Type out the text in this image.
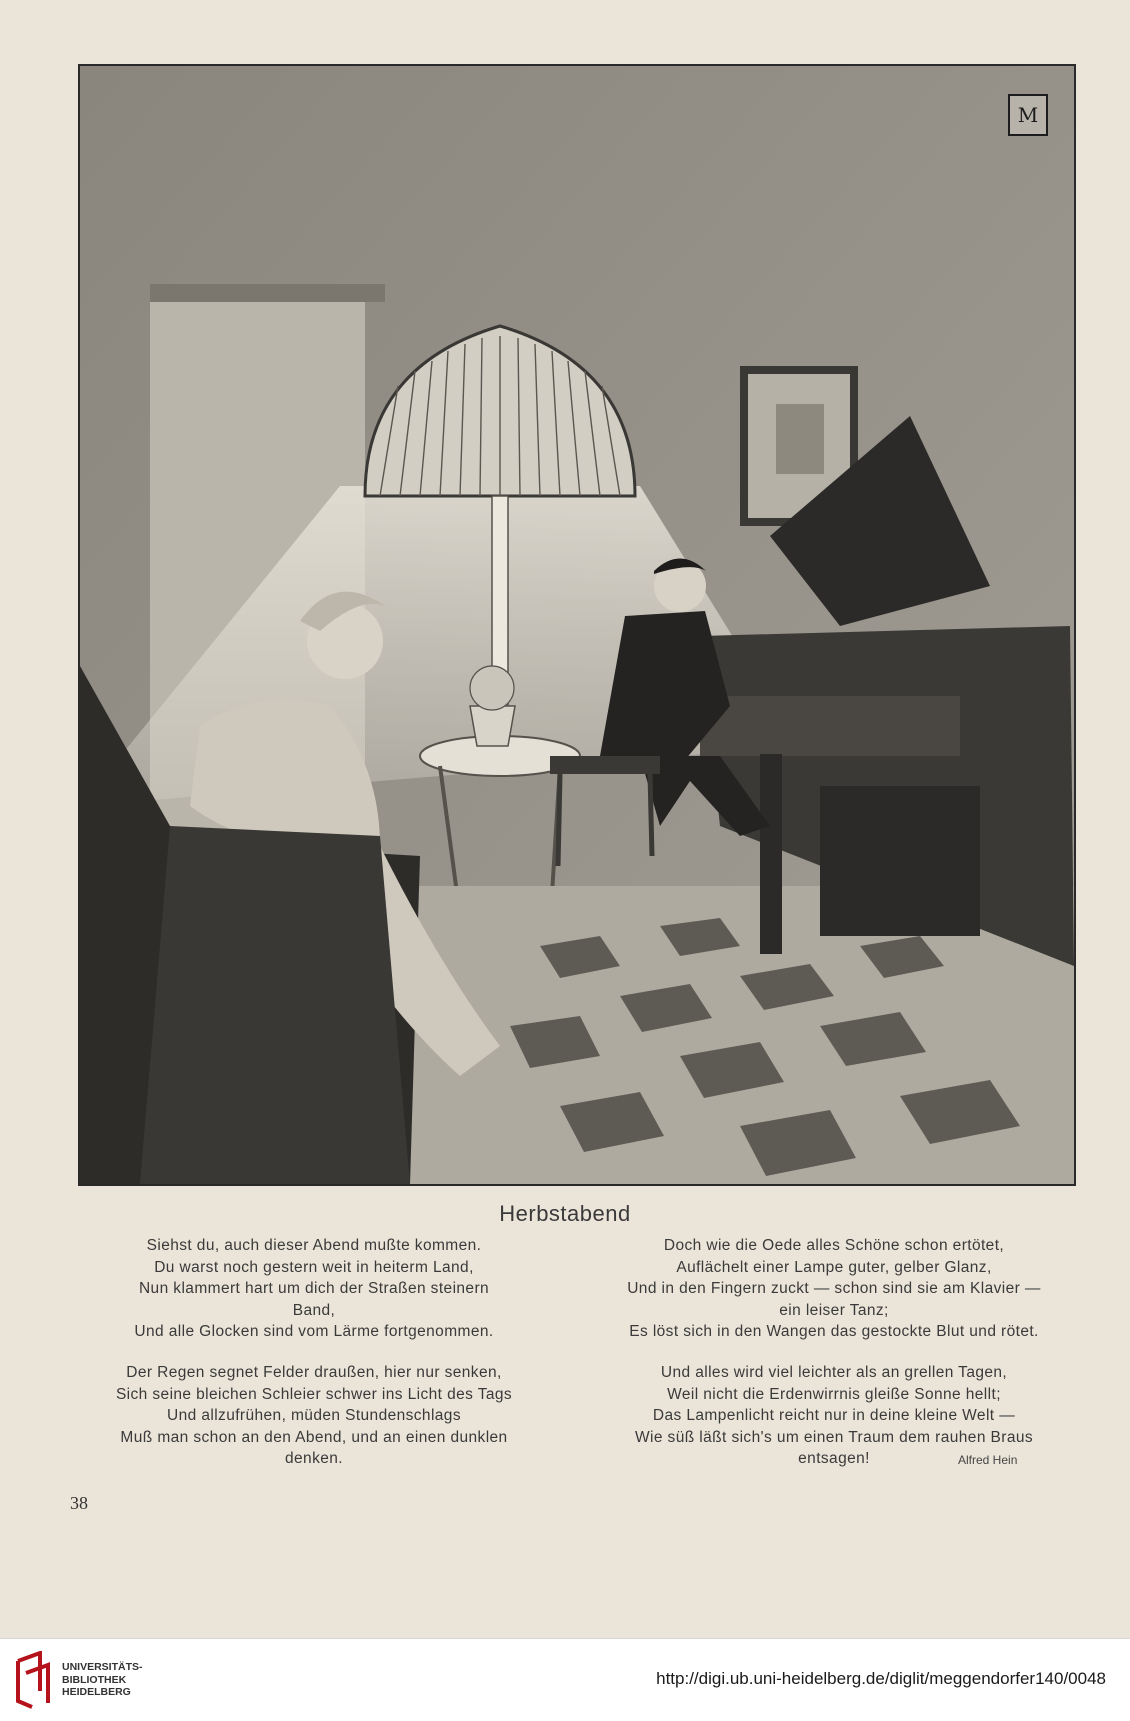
M
Herbstabend
Siehst du, auch dieser Abend mußte kommen.
Du warst noch gestern weit in heiterm Land,
Nun klammert hart um dich der Straßen steinern
Band,
Und alle Glocken sind vom Lärme fortgenommen.
Der Regen segnet Felder draußen, hier nur senken,
Sich seine bleichen Schleier schwer ins Licht des Tags
Und allzufrühen, müden Stundenschlags
Muß man schon an den Abend, und an einen dunklen
denken.
Doch wie die Oede alles Schöne schon ertötet,
Auflächelt einer Lampe guter, gelber Glanz,
Und in den Fingern zuckt — schon sind sie am Klavier —
ein leiser Tanz;
Es löst sich in den Wangen das gestockte Blut und rötet.
Und alles wird viel leichter als an grellen Tagen,
Weil nicht die Erdenwirrnis gleiße Sonne hellt;
Das Lampenlicht reicht nur in deine kleine Welt —
Wie süß läßt sich's um einen Traum dem rauhen Braus
entsagen!	Alfred Hein
38
UNIVERSITÄTS-
BIBLIOTHEK
HEIDELBERG
http://digi.ub.uni-heidelberg.de/diglit/meggendorfer140/0048
